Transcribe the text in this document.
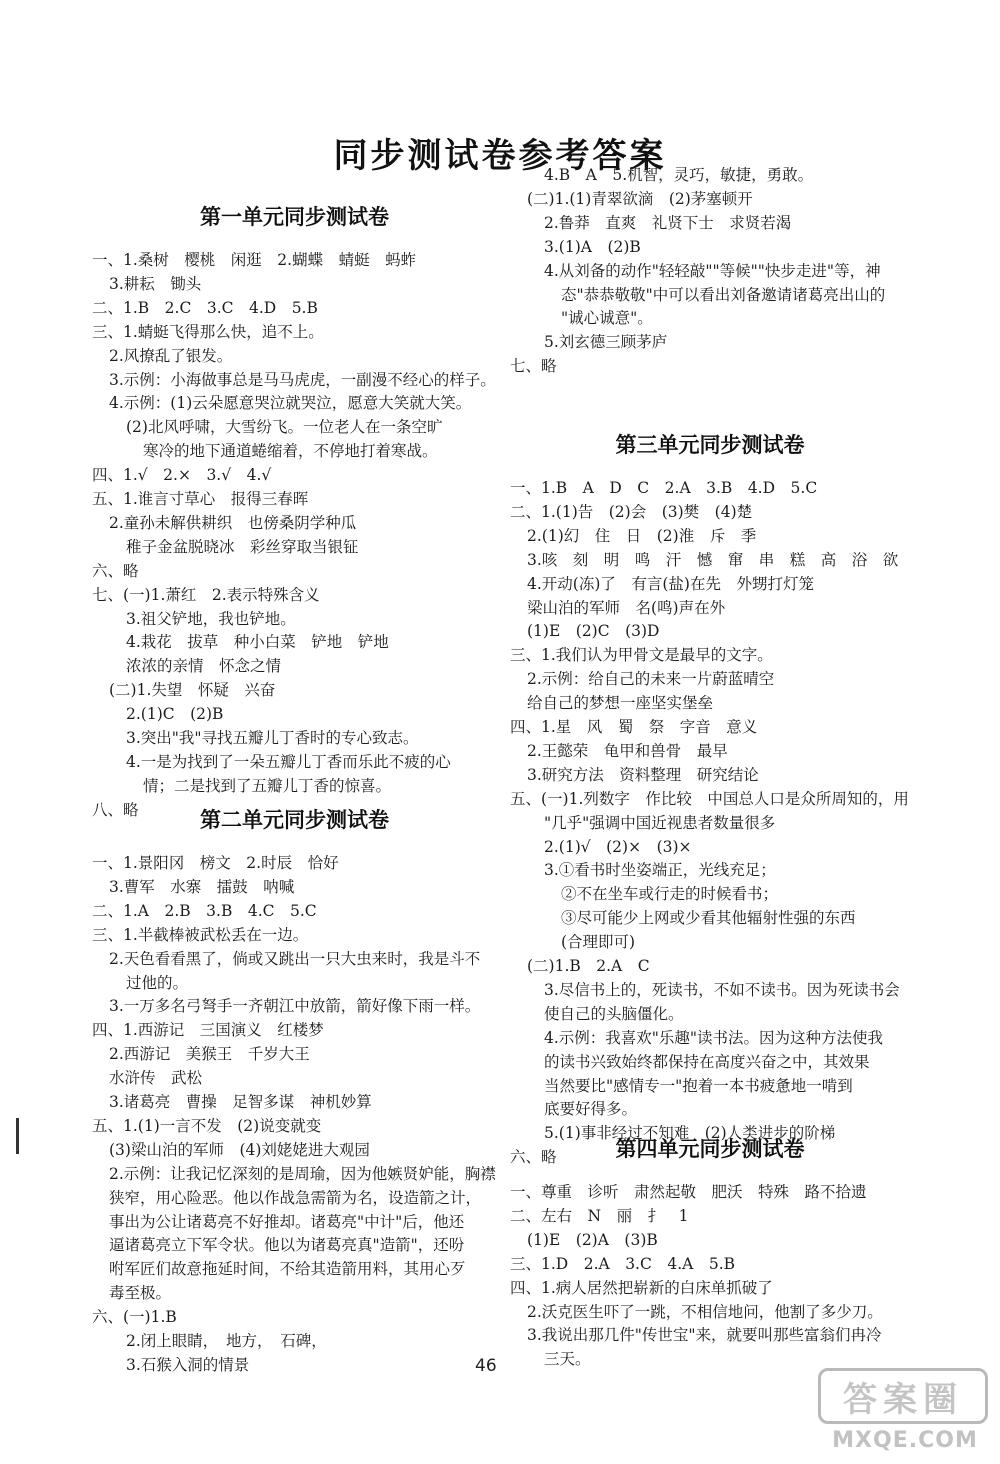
同步测试卷参考答案
第一单元同步测试卷
一、1.桑树　樱桃　闲逛　2.蝴蝶　蜻蜓　蚂蚱
3.耕耘　锄头
二、1.B　2.C　3.C　4.D　5.B
三、1.蜻蜓飞得那么快，追不上。
2.风撩乱了银发。
3.示例：小海做事总是马马虎虎，一副漫不经心的样子。
4.示例：(1)云朵愿意哭泣就哭泣，愿意大笑就大笑。
(2)北风呼啸，大雪纷飞。一位老人在一条空旷
寒冷的地下通道蜷缩着，不停地打着寒战。
四、1.√　2.×　3.√　4.√
五、1.谁言寸草心　报得三春晖
2.童孙未解供耕织　也傍桑阴学种瓜
稚子金盆脱晓冰　彩丝穿取当银钲
六、略
七、(一)1.萧红　2.表示特殊含义
3.祖父铲地，我也铲地。
4.栽花　拔草　种小白菜　铲地　铲地
浓浓的亲情　怀念之情
(二)1.失望　怀疑　兴奋
2.(1)C　(2)B
3.突出"我"寻找五瓣儿丁香时的专心致志。
4.一是为找到了一朵五瓣儿丁香而乐此不疲的心
情；二是找到了五瓣儿丁香的惊喜。
八、略	第二单元同步测试卷
一、1.景阳冈　榜文　2.时辰　恰好
3.曹军　水寨　擂鼓　呐喊
二、1.A　2.B　3.B　4.C　5.C
三、1.半截棒被武松丢在一边。
2.天色看看黑了，倘或又跳出一只大虫来时，我是斗不
过他的。
3.一万多名弓弩手一齐朝江中放箭，箭好像下雨一样。
四、1.西游记　三国演义　红楼梦
2.西游记　美猴王　千岁大王
水浒传　武松
3.诸葛亮　曹操　足智多谋　神机妙算
五、1.(1)一言不发　(2)说变就变
(3)梁山泊的军师　(4)刘姥姥进大观园
2.示例：让我记忆深刻的是周瑜，因为他嫉贤妒能，胸襟
狭窄，用心险恶。他以作战急需箭为名，设造箭之计，
事出为公让诸葛亮不好推却。诸葛亮"中计"后，他还
逼诸葛亮立下军令状。他以为诸葛亮真"造箭"，还吩
咐军匠们故意拖延时间，不给其造箭用料，其用心歹
毒至极。
六、(一)1.B
2.闭上眼睛，　地方，　石碑，
3.石猴入洞的情景
4.B　A　5.机智，灵巧，敏捷，勇敢。
(二)1.(1)青翠欲滴　(2)茅塞顿开
2.鲁莽　直爽　礼贤下士　求贤若渴
3.(1)A　(2)B
4.从刘备的动作"轻轻敲""等候""快步走进"等，神
态"恭恭敬敬"中可以看出刘备邀请诸葛亮出山的
"诚心诚意"。
5.刘玄德三顾茅庐
七、略
第三单元同步测试卷
一、1.B　A　D　C　2.A　3.B　4.D　5.C
二、1.(1)告　(2)会　(3)樊　(4)楚
2.(1)幻　住　日　(2)淮　斥　季
3.咳　刻　明　鸣　汗　憾　窜　串　糕　高　浴　欲
4.开动(冻)了　有言(盐)在先　外甥打灯笼
梁山泊的军师　名(鸣)声在外
(1)E　(2)C　(3)D
三、1.我们认为甲骨文是最早的文字。
2.示例：给自己的未来一片蔚蓝晴空
给自己的梦想一座坚实堡垒
四、1.星　风　蜀　祭　字音　意义
2.王懿荣　龟甲和兽骨　最早
3.研究方法　资料整理　研究结论
五、(一)1.列数字　作比较　中国总人口是众所周知的，用
"几乎"强调中国近视患者数量很多
2.(1)√　(2)×　(3)×
3.①看书时坐姿端正，光线充足；
②不在坐车或行走的时候看书；
③尽可能少上网或少看其他辐射性强的东西
(合理即可)
(二)1.B　2.A　C
3.尽信书上的，死读书，不如不读书。因为死读书会
使自己的头脑僵化。
4.示例：我喜欢"乐趣"读书法。因为这种方法使我
的读书兴致始终都保持在高度兴奋之中，其效果
当然要比"感情专一"抱着一本书疲惫地一啃到
底要好得多。
5.(1)事非经过不知难　(2)人类进步的阶梯
六、略	第四单元同步测试卷
一、尊重　诊听　肃然起敬　肥沃　特殊　路不拾遗
二、左右　N　丽　扌　1
(1)E　(2)A　(3)B
三、1.D　2.A　3.C　4.A　5.B
四、1.病人居然把崭新的白床单抓破了
2.沃克医生吓了一跳，不相信地问，他割了多少刀。
3.我说出那几件"传世宝"来，就要叫那些富翁们冉冷
三天。
46
答案圈
MXQE.COM
